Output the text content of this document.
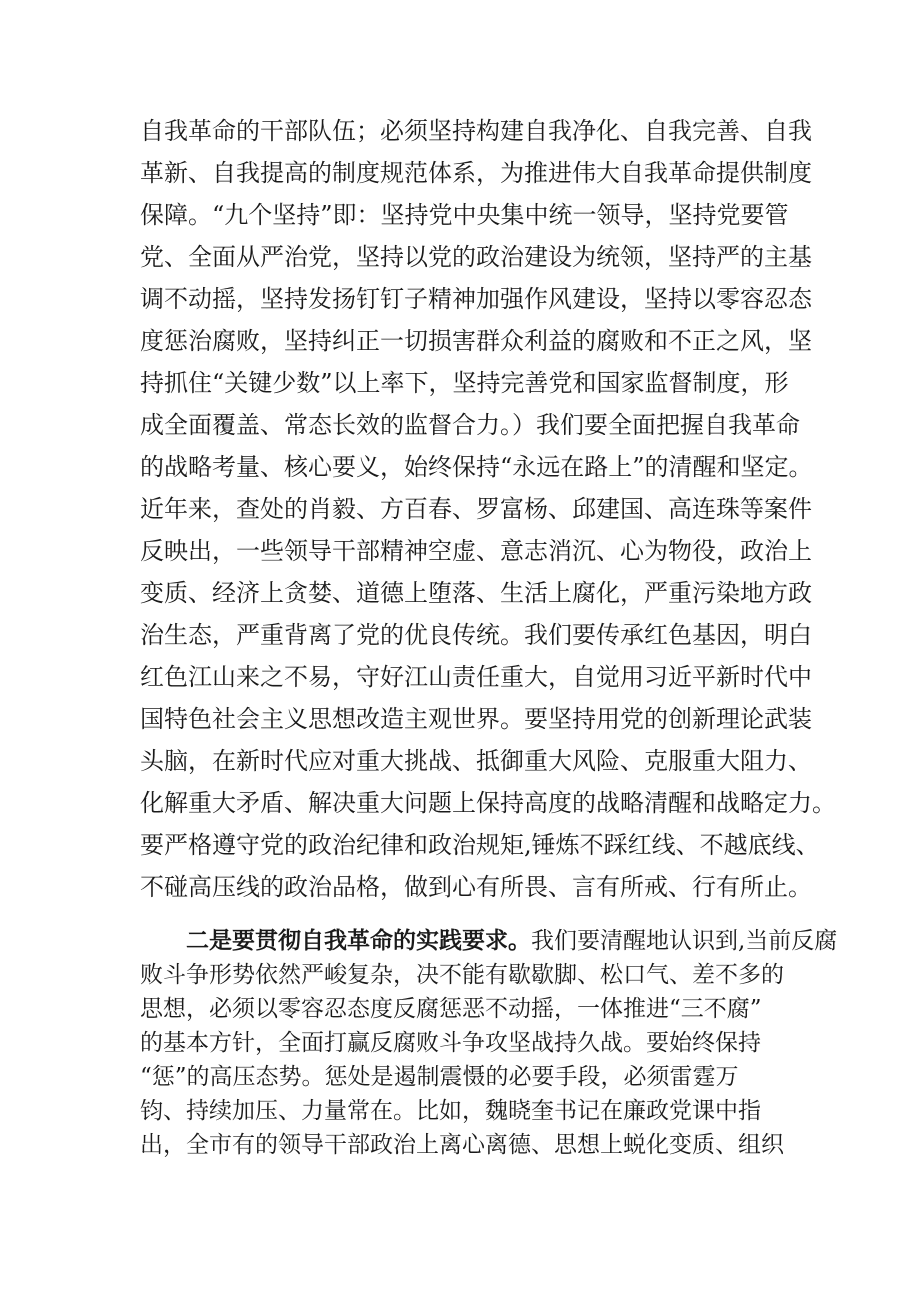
自我革命的干部队伍；必须坚持构建自我净化、自我完善、自我
革新、自我提高的制度规范体系，为推进伟大自我革命提供制度
保障。“九个坚持”即：坚持党中央集中统一领导，坚持党要管
党、全面从严治党，坚持以党的政治建设为统领，坚持严的主基
调不动摇，坚持发扬钉钉子精神加强作风建设，坚持以零容忍态
度惩治腐败，坚持纠正一切损害群众利益的腐败和不正之风，坚
持抓住“关键少数”以上率下，坚持完善党和国家监督制度，形
成全面覆盖、常态长效的监督合力。）我们要全面把握自我革命
的战略考量、核心要义，始终保持“永远在路上”的清醒和坚定。
近年来，查处的肖毅、方百春、罗富杨、邱建国、高连珠等案件
反映出，一些领导干部精神空虚、意志消沉、心为物役，政治上
变质、经济上贪婪、道德上堕落、生活上腐化，严重污染地方政
治生态，严重背离了党的优良传统。我们要传承红色基因，明白
红色江山来之不易，守好江山责任重大，自觉用习近平新时代中
国特色社会主义思想改造主观世界。要坚持用党的创新理论武装
头脑，在新时代应对重大挑战、抵御重大风险、克服重大阻力、
化解重大矛盾、解决重大问题上保持高度的战略清醒和战略定力。
要严格遵守党的政治纪律和政治规矩,锤炼不踩红线、不越底线、
不碰高压线的政治品格，做到心有所畏、言有所戒、行有所止。
二是要贯彻自我革命的实践要求。我们要清醒地认识到,当前反腐
败斗争形势依然严峻复杂，决不能有歇歇脚、松口气、差不多的
思想，必须以零容忍态度反腐惩恶不动摇，一体推进“三不腐”
的基本方针，全面打赢反腐败斗争攻坚战持久战。要始终保持
“惩”的高压态势。惩处是遏制震慑的必要手段，必须雷霆万
钧、持续加压、力量常在。比如，魏晓奎书记在廉政党课中指
出，全市有的领导干部政治上离心离德、思想上蜕化变质、组织
